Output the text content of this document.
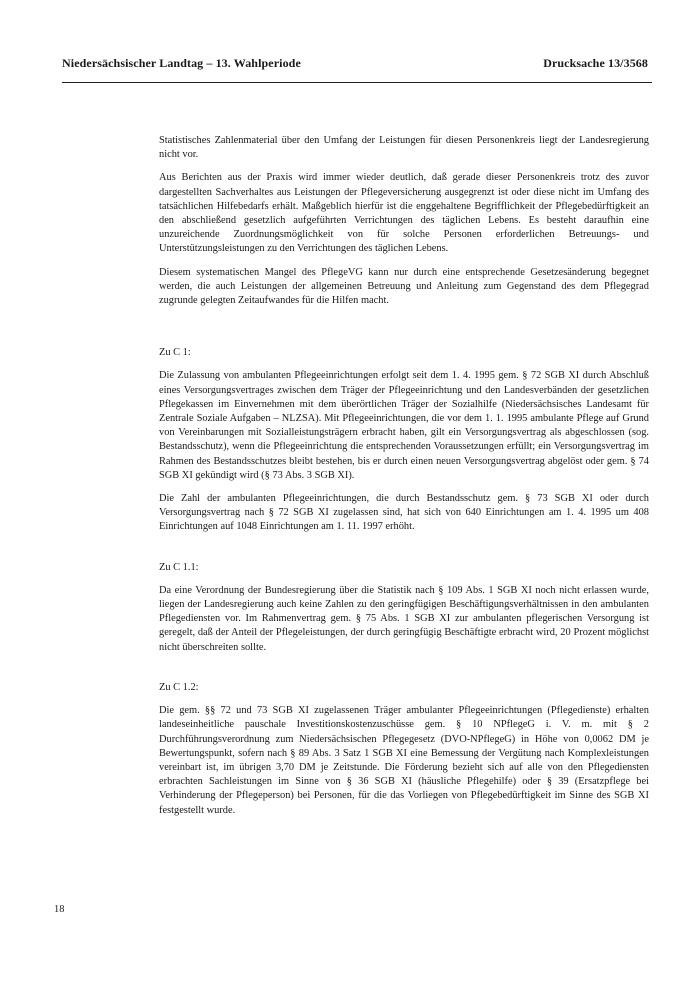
Niedersächsischer Landtag – 13. Wahlperiode	Drucksache 13/3568

Statistisches Zahlenmaterial über den Umfang der Leistungen für diesen Personenkreis liegt der Landesregierung nicht vor.

Aus Berichten aus der Praxis wird immer wieder deutlich, daß gerade dieser Personenkreis trotz des zuvor dargestellten Sachverhaltes aus Leistungen der Pflegeversicherung ausgegrenzt ist oder diese nicht im Umfang des tatsächlichen Hilfebedarfs erhält. Maßgeblich hierfür ist die enggehaltene Begrifflichkeit der Pflegebedürftigkeit an den abschließend gesetzlich aufgeführten Verrichtungen des täglichen Lebens. Es besteht daraufhin eine unzureichende Zuordnungsmöglichkeit von für solche Personen erforderlichen Betreuungs- und Unterstützungsleistungen zu den Verrichtungen des täglichen Lebens.

Diesem systematischen Mangel des PflegeVG kann nur durch eine entsprechende Gesetzesänderung begegnet werden, die auch Leistungen der allgemeinen Betreuung und Anleitung zum Gegenstand des dem Pflegegrad zugrunde gelegten Zeitaufwandes für die Hilfen macht.

Zu C 1:

Die Zulassung von ambulanten Pflegeeinrichtungen erfolgt seit dem 1. 4. 1995 gem. § 72 SGB XI durch Abschluß eines Versorgungsvertrages zwischen dem Träger der Pflegeeinrichtung und den Landesverbänden der gesetzlichen Pflegekassen im Einvernehmen mit dem überörtlichen Träger der Sozialhilfe (Niedersächsisches Landesamt für Zentrale Soziale Aufgaben – NLZSA). Mit Pflegeeinrichtungen, die vor dem 1. 1. 1995 ambulante Pflege auf Grund von Vereinbarungen mit Sozialleistungsträgern erbracht haben, gilt ein Versorgungsvertrag als abgeschlossen (sog. Bestandsschutz), wenn die Pflegeeinrichtung die entsprechenden Voraussetzungen erfüllt; ein Versorgungsvertrag im Rahmen des Bestandsschutzes bleibt bestehen, bis er durch einen neuen Versorgungsvertrag abgelöst oder gem. § 74 SGB XI gekündigt wird (§ 73 Abs. 3 SGB XI).

Die Zahl der ambulanten Pflegeeinrichtungen, die durch Bestandsschutz gem. § 73 SGB XI oder durch Versorgungsvertrag nach § 72 SGB XI zugelassen sind, hat sich von 640 Einrichtungen am 1. 4. 1995 um 408 Einrichtungen auf 1048 Einrichtungen am 1. 11. 1997 erhöht.

Zu C 1.1:

Da eine Verordnung der Bundesregierung über die Statistik nach § 109 Abs. 1 SGB XI noch nicht erlassen wurde, liegen der Landesregierung auch keine Zahlen zu den geringfügigen Beschäftigungsverhältnissen in den ambulanten Pflegediensten vor. Im Rahmenvertrag gem. § 75 Abs. 1 SGB XI zur ambulanten pflegerischen Versorgung ist geregelt, daß der Anteil der Pflegeleistungen, der durch geringfügig Beschäftigte erbracht wird, 20 Prozent möglichst nicht überschreiten sollte.

Zu C 1.2:

Die gem. §§ 72 und 73 SGB XI zugelassenen Träger ambulanter Pflegeeinrichtungen (Pflegedienste) erhalten landeseinheitliche pauschale Investitionskostenzuschüsse gem. § 10 NPflegeG i. V. m. mit § 2 Durchführungsverordnung zum Niedersächsischen Pflegegesetz (DVO-NPflegeG) in Höhe von 0,0062 DM je Bewertungspunkt, sofern nach § 89 Abs. 3 Satz 1 SGB XI eine Bemessung der Vergütung nach Komplexleistungen vereinbart ist, im übrigen 3,70 DM je Zeitstunde. Die Förderung bezieht sich auf alle von den Pflegediensten erbrachten Sachleistungen im Sinne von § 36 SGB XI (häusliche Pflegehilfe) oder § 39 (Ersatzpflege bei Verhinderung der Pflegeperson) bei Personen, für die das Vorliegen von Pflegebedürftigkeit im Sinne des SGB XI festgestellt wurde.

18
